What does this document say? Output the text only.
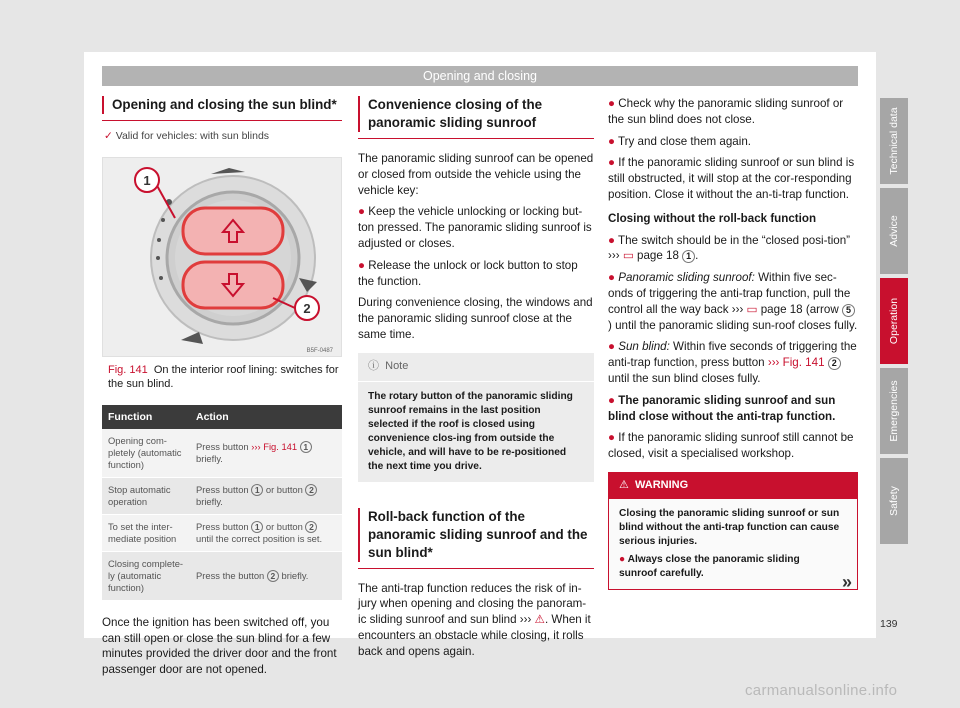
Opening and closing
Opening and closing the sun blind*
✓ Valid for vehicles: with sun blinds
1
2
B5F-0487
Fig. 141 On the interior roof lining: switches for the sun blind.
Function	Action
Opening com-pletely (automatic function)	Press button ››› Fig. 141 1 briefly.
Stop automatic operation	Press button 1 or button 2 briefly.
To set the inter-mediate position	Press button 1 or button 2 until the correct position is set.
Closing complete-ly (automatic function)	Press the button 2 briefly.

Once the ignition has been switched off, you can still open or close the sun blind for a few minutes provided the driver door and the front passenger door are not opened.

Convenience closing of the panoramic sliding sunroof

The panoramic sliding sunroof can be opened or closed from outside the vehicle using the vehicle key:

● Keep the vehicle unlocking or locking but-ton pressed. The panoramic sliding sunroof is adjusted or closes.

● Release the unlock or lock button to stop the function.

During convenience closing, the windows and the panoramic sliding sunroof close at the same time.

ⓘ Note
The rotary button of the panoramic sliding sunroof remains in the last position selected if the roof is closed using convenience clos-ing from outside the vehicle, and will have to be re-positioned the next time you drive.
Roll-back function of the panoramic sliding sunroof and the sun blind*

The anti-trap function reduces the risk of in-jury when opening and closing the panoram-ic sliding sunroof and sun blind ››› ⚠. When it encounters an obstacle while closing, it rolls back and opens again.

● Check why the panoramic sliding sunroof or the sun blind does not close.

● Try and close them again.

● If the panoramic sliding sunroof or sun blind is still obstructed, it will stop at the cor-responding position. Close it without the an-ti-trap function.

Closing without the roll-back function

● The switch should be in the “closed posi-tion” ››› ▭ page 18 1 .

● Panoramic sliding sunroof: Within five sec-onds of triggering the anti-trap function, pull the control all the way back ››› ▭ page 18 (arrow 5) until the panoramic sliding sun-roof closes fully.

● Sun blind: Within five seconds of triggering the anti-trap function, press button ››› Fig. 141 2 until the sun blind closes fully.

● The panoramic sliding sunroof and sun blind close without the anti-trap function.

● If the panoramic sliding sunroof still cannot be closed, visit a specialised workshop.

⚠ WARNING
Closing the panoramic sliding sunroof or sun blind without the anti-trap function can cause serious injuries.
● Always close the panoramic sliding sunroof carefully.	»
Technical data
Advice
Operation
Emergencies
Safety
139
carmanualsonline.info
